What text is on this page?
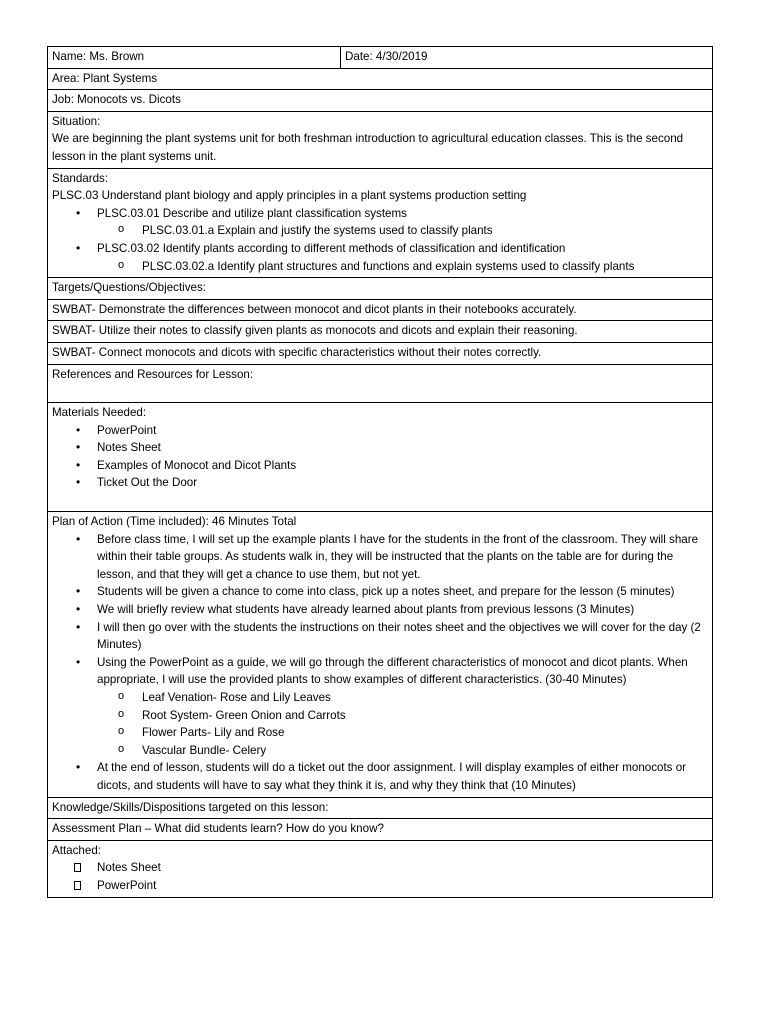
Name: Ms. Brown	Date: 4/30/2019
Area: Plant Systems
Job: Monocots vs. Dicots

Situation:
We are beginning the plant systems unit for both freshman introduction to agricultural education classes. This is the second lesson in the plant systems unit.

Standards:
PLSC.03 Understand plant biology and apply principles in a plant systems production setting
• PLSC.03.01 Describe and utilize plant classification systems
o PLSC.03.01.a Explain and justify the systems used to classify plants
• PLSC.03.02 Identify plants according to different methods of classification and identification
o PLSC.03.02.a Identify plant structures and functions and explain systems used to classify plants

Targets/Questions/Objectives:
SWBAT- Demonstrate the differences between monocot and dicot plants in their notebooks accurately.
SWBAT- Utilize their notes to classify given plants as monocots and dicots and explain their reasoning.
SWBAT- Connect monocots and dicots with specific characteristics without their notes correctly.

References and Resources for Lesson:

Materials Needed:
• PowerPoint
• Notes Sheet
• Examples of Monocot and Dicot Plants
• Ticket Out the Door

Plan of Action (Time included): 46 Minutes Total
• Before class time, I will set up the example plants I have for the students in the front of the classroom. They will share within their table groups. As students walk in, they will be instructed that the plants on the table are for during the lesson, and that they will get a chance to use them, but not yet.
• Students will be given a chance to come into class, pick up a notes sheet, and prepare for the lesson (5 minutes)
• We will briefly review what students have already learned about plants from previous lessons (3 Minutes)
• I will then go over with the students the instructions on their notes sheet and the objectives we will cover for the day (2 Minutes)
• Using the PowerPoint as a guide, we will go through the different characteristics of monocot and dicot plants. When appropriate, I will use the provided plants to show examples of different characteristics. (30-40 Minutes)
o Leaf Venation- Rose and Lily Leaves
o Root System- Green Onion and Carrots
o Flower Parts- Lily and Rose
o Vascular Bundle- Celery
• At the end of lesson, students will do a ticket out the door assignment. I will display examples of either monocots or dicots, and students will have to say what they think it is, and why they think that (10 Minutes)

Knowledge/Skills/Dispositions targeted on this lesson:
Assessment Plan – What did students learn? How do you know?

Attached:
Notes Sheet
PowerPoint
